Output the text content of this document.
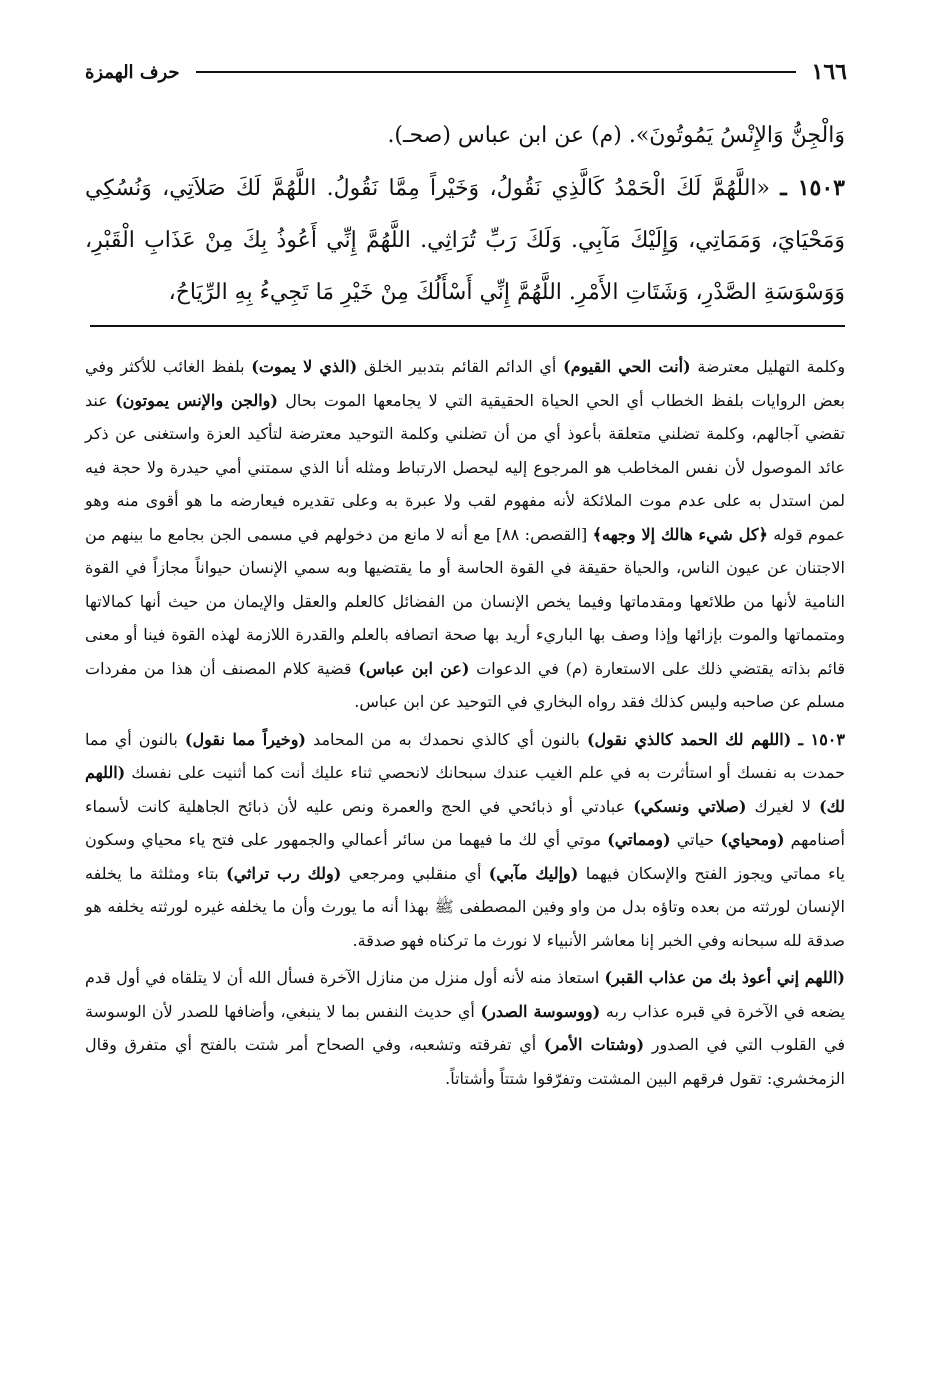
١٦٦
حرف الهمزة

وَالْجِنُّ وَالإِنْسُ يَمُوتُونَ». (م) عن ابن عباس (صحـ).

١٥٠٣ ـ «اللَّهُمَّ لَكَ الْحَمْدُ كَالَّذِي نَقُولُ، وَخَيْراً مِمَّا نَقُولُ. اللَّهُمَّ لَكَ صَلاَتِي، وَنُسُكِي وَمَحْيَايَ، وَمَمَاتِي، وَإِلَيْكَ مَآبِي. وَلَكَ رَبِّ تُرَاثِي. اللَّهُمَّ إِنِّي أَعُوذُ بِكَ مِنْ عَذَابِ الْقَبْرِ، وَوَسْوَسَةِ الصَّدْرِ، وَشَتَاتِ الأَمْرِ. اللَّهُمَّ إِنِّي أَسْأَلُكَ مِنْ خَيْرِ مَا تَجِيءُ بِهِ الرِّيَاحُ،

وكلمة التهليل معترضة (أنت الحي القيوم) أي الدائم القائم بتدبير الخلق (الذي لا يموت) بلفظ الغائب للأكثر وفي بعض الروايات بلفظ الخطاب أي الحي الحياة الحقيقية التي لا يجامعها الموت بحال (والجن والإنس يموتون) عند تقضي آجالهم، وكلمة تضلني متعلقة بأعوذ أي من أن تضلني وكلمة التوحيد معترضة لتأكيد العزة واستغنى عن ذكر عائد الموصول لأن نفس المخاطب هو المرجوع إليه ليحصل الارتباط ومثله أنا الذي سمتني أمي حيدرة ولا حجة فيه لمن استدل به على عدم موت الملائكة لأنه مفهوم لقب ولا عبرة به وعلى تقديره فيعارضه ما هو أقوى منه وهو عموم قوله ﴿كل شيء هالك إلا وجهه﴾ [القصص: ٨٨] مع أنه لا مانع من دخولهم في مسمى الجن بجامع ما بينهم من الاجتنان عن عيون الناس، والحياة حقيقة في القوة الحاسة أو ما يقتضيها وبه سمي الإنسان حيواناً مجازاً في القوة النامية لأنها من طلائعها ومقدماتها وفيما يخص الإنسان من الفضائل كالعلم والعقل والإيمان من حيث أنها كمالاتها ومتمماتها والموت بإزائها وإذا وصف بها الباريء أريد بها صحة اتصافه بالعلم والقدرة اللازمة لهذه القوة فينا أو معنى قائم بذاته يقتضي ذلك على الاستعارة (م) في الدعوات (عن ابن عباس) قضية كلام المصنف أن هذا من مفردات مسلم عن صاحبه وليس كذلك فقد رواه البخاري في التوحيد عن ابن عباس.

١٥٠٣ ـ (اللهم لك الحمد كالذي نقول) بالنون أي كالذي نحمدك به من المحامد (وخيراً مما نقول) بالنون أي مما حمدت به نفسك أو استأثرت به في علم الغيب عندك سبحانك لانحصي ثناء عليك أنت كما أثنيت على نفسك (اللهم لك) لا لغيرك (صلاتي ونسكي) عبادتي أو ذبائحي في الحج والعمرة ونص عليه لأن ذبائح الجاهلية كانت لأسماء أصنامهم (ومحياي) حياتي (ومماتي) موتي أي لك ما فيهما من سائر أعمالي والجمهور على فتح ياء محياي وسكون ياء مماتي ويجوز الفتح والإسكان فيهما (وإليك مآبي) أي منقلبي ومرجعي (ولك رب تراثي) بتاء ومثلثة ما يخلفه الإنسان لورثته من بعده وتاؤه بدل من واو وفين المصطفى ﷺ بهذا أنه ما يورث وأن ما يخلفه غيره لورثته يخلفه هو صدقة لله سبحانه وفي الخبر إنا معاشر الأنبياء لا نورث ما تركناه فهو صدقة.

(اللهم إني أعوذ بك من عذاب القبر) استعاذ منه لأنه أول منزل من منازل الآخرة فسأل الله أن لا يتلقاه في أول قدم يضعه في الآخرة في قبره عذاب ربه (ووسوسة الصدر) أي حديث النفس بما لا ينبغي، وأضافها للصدر لأن الوسوسة في القلوب التي في الصدور (وشتات الأمر) أي تفرقته وتشعبه، وفي الصحاح أمر شتت بالفتح أي متفرق وقال الزمخشري: تقول فرقهم البين المشتت وتفرّقوا شتتاً وأشتاتاً.
